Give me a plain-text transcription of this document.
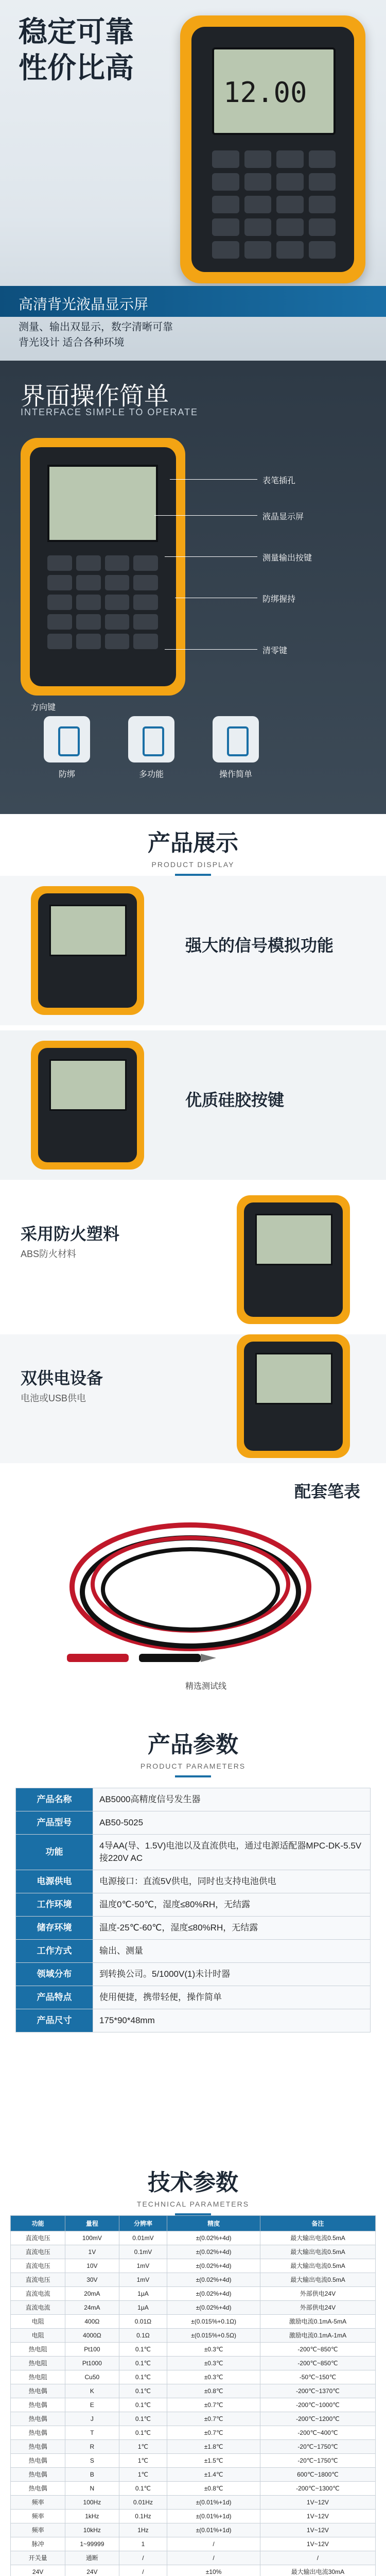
稳定可靠
性价比高
12.00
高清背光液晶显示屏
测量、输出双显示，数字清晰可靠
背光设计 适合各种环境
界面操作简单
INTERFACE SIMPLE TO OPERATE
表笔插孔
液晶显示屏
测量输出按键
防绑握持
清零键
方向键
防绑	多功能	操作简单
产品展示
PRODUCT DISPLAY
强大的信号模拟功能
优质硅胶按键
采用防火塑料
ABS防火材料
双供电设备
电池或USB供电
配套笔表
精选测试线
产品参数
PRODUCT PARAMETERS
产品名称	AB5000高精度信号发生器
产品型号	AB50-5025
功能	4导AA(导、1.5V)电池以及直流供电，通过电源适配器MPC-DK-5.5V接220V AC
电源供电	电源接口：直流5V供电，同时也支持电池供电
工作环境	温度0℃-50℃，湿度≤80%RH，无结露
储存环境	温度-25℃-60℃，湿度≤80%RH，无结露
工作方式	输出、测量
领域分布	到转换公司。5/1000V(1)未计时器
产品特点	使用便捷，携带轻便，操作简单
产品尺寸	175*90*48mm
技术参数
TECHNICAL PARAMETERS
功能	量程	分辨率	精度	备注
直流电压	100mV	0.01mV	±(0.02%+4d)	最大输出电流0.5mA
直流电压	1V	0.1mV	±(0.02%+4d)	最大输出电流0.5mA
直流电压	10V	1mV	±(0.02%+4d)	最大输出电流0.5mA
直流电压	30V	1mV	±(0.02%+4d)	最大输出电流0.5mA
直流电流	20mA	1μA	±(0.02%+4d)	外部供电24V
直流电流	24mA	1μA	±(0.02%+4d)	外部供电24V
电阻	400Ω	0.01Ω	±(0.015%+0.1Ω)	激励电流0.1mA-5mA
电阻	4000Ω	0.1Ω	±(0.015%+0.5Ω)	激励电流0.1mA-1mA
热电阻	Pt100	0.1℃	±0.3℃	-200℃~850℃
热电阻	Pt1000	0.1℃	±0.3℃	-200℃~850℃
热电阻	Cu50	0.1℃	±0.3℃	-50℃~150℃
热电偶	K	0.1℃	±0.8℃	-200℃~1370℃
热电偶	E	0.1℃	±0.7℃	-200℃~1000℃
热电偶	J	0.1℃	±0.7℃	-200℃~1200℃
热电偶	T	0.1℃	±0.7℃	-200℃~400℃
热电偶	R	1℃	±1.8℃	-20℃~1750℃
热电偶	S	1℃	±1.5℃	-20℃~1750℃
热电偶	B	1℃	±1.4℃	600℃~1800℃
热电偶	N	0.1℃	±0.8℃	-200℃~1300℃
频率	100Hz	0.01Hz	±(0.01%+1d)	1V~12V
频率	1kHz	0.1Hz	±(0.01%+1d)	1V~12V
频率	10kHz	1Hz	±(0.01%+1d)	1V~12V
脉冲	1~99999	1	/	1V~12V
开关量	通断	/	/	/
24V	24V	/	±10%	最大输出电流30mA
